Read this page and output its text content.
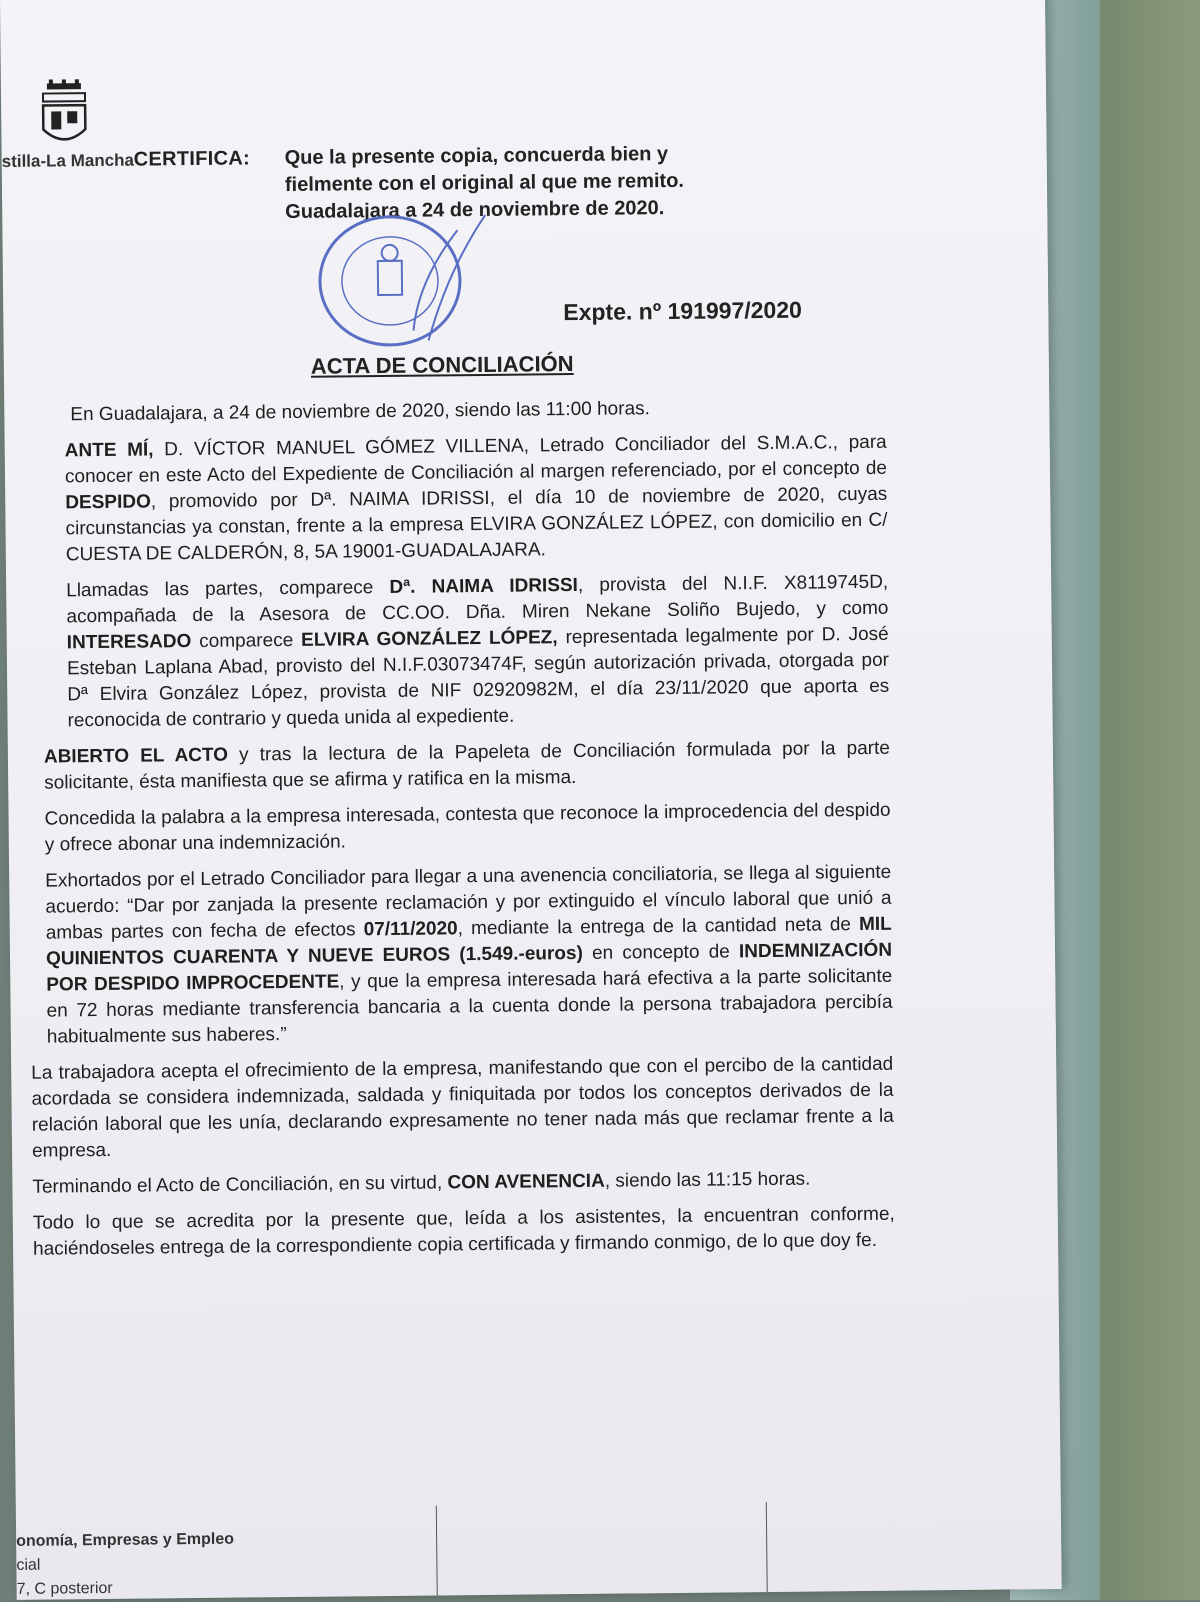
stilla-La Mancha CERTIFICA: Que la presente copia, concuerda bien y
fielmente con el original al que me remito.
Guadalajara a 24 de noviembre de 2020.
Expte. nº 191997/2020
ACTA DE CONCILIACIÓN

En Guadalajara, a 24 de noviembre de 2020, siendo las 11:00 horas.

ANTE MÍ, D. VÍCTOR MANUEL GÓMEZ VILLENA, Letrado Conciliador del S.M.A.C., para conocer en este Acto del Expediente de Conciliación al margen referenciado, por el concepto de DESPIDO, promovido por Dª. NAIMA IDRISSI, el día 10 de noviembre de 2020, cuyas circunstancias ya constan, frente a la empresa ELVIRA GONZÁLEZ LÓPEZ, con domicilio en C/ CUESTA DE CALDERÓN, 8, 5A 19001-GUADALAJARA.

Llamadas las partes, comparece Dª. NAIMA IDRISSI, provista del N.I.F. X8119745D, acompañada de la Asesora de CC.OO. Dña. Miren Nekane Soliño Bujedo, y como INTERESADO comparece ELVIRA GONZÁLEZ LÓPEZ, representada legalmente por D. José Esteban Laplana Abad, provisto del N.I.F.03073474F, según autorización privada, otorgada por Dª Elvira González López, provista de NIF 02920982M, el día 23/11/2020 que aporta es reconocida de contrario y queda unida al expediente.

ABIERTO EL ACTO y tras la lectura de la Papeleta de Conciliación formulada por la parte solicitante, ésta manifiesta que se afirma y ratifica en la misma.

Concedida la palabra a la empresa interesada, contesta que reconoce la improcedencia del despido y ofrece abonar una indemnización.

Exhortados por el Letrado Conciliador para llegar a una avenencia conciliatoria, se llega al siguiente acuerdo: “Dar por zanjada la presente reclamación y por extinguido el vínculo laboral que unió a ambas partes con fecha de efectos 07/11/2020, mediante la entrega de la cantidad neta de MIL QUINIENTOS CUARENTA Y NUEVE EUROS (1.549.-euros) en concepto de INDEMNIZACIÓN POR DESPIDO IMPROCEDENTE, y que la empresa interesada hará efectiva a la parte solicitante en 72 horas mediante transferencia bancaria a la cuenta donde la persona trabajadora percibía habitualmente sus haberes.”

La trabajadora acepta el ofrecimiento de la empresa, manifestando que con el percibo de la cantidad acordada se considera indemnizada, saldada y finiquitada por todos los conceptos derivados de la relación laboral que les unía, declarando expresamente no tener nada más que reclamar frente a la empresa.

Terminando el Acto de Conciliación, en su virtud, CON AVENENCIA, siendo las 11:15 horas.

Todo lo que se acredita por la presente que, leída a los asistentes, la encuentran conforme, haciéndoseles entrega de la correspondiente copia certificada y firmando conmigo, de lo que doy fe.

onomía, Empresas y Empleo
cial
7, C posterior
